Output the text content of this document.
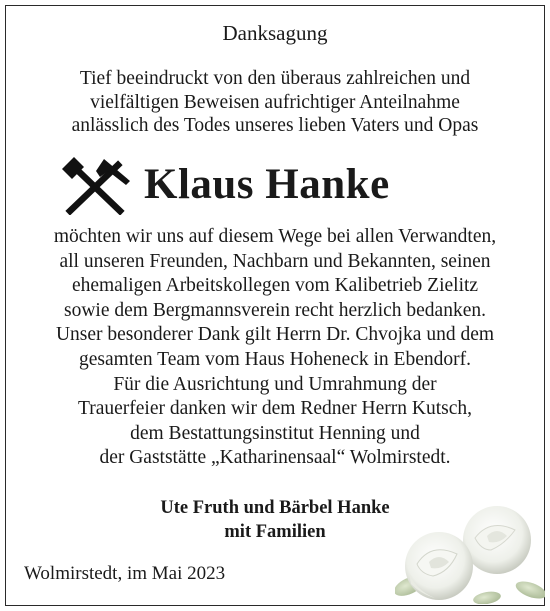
Danksagung
Tief beeindruckt von den überaus zahlreichen und
vielfältigen Beweisen aufrichtiger Anteilnahme
anlässlich des Todes unseres lieben Vaters und Opas
Klaus Hanke
möchten wir uns auf diesem Wege bei allen Verwandten,
all unseren Freunden, Nachbarn und Bekannten, seinen
ehemaligen Arbeitskollegen vom Kalibetrieb Zielitz
sowie dem Bergmannsverein recht herzlich bedanken.
Unser besonderer Dank gilt Herrn Dr. Chvojka und dem
gesamten Team vom Haus Hoheneck in Ebendorf.
Für die Ausrichtung und Umrahmung der
Trauerfeier danken wir dem Redner Herrn Kutsch,
dem Bestattungsinstitut Henning und
der Gaststätte „Katharinensaal“ Wolmirstedt.
Ute Fruth und Bärbel Hanke
mit Familien
Wolmirstedt, im Mai 2023
